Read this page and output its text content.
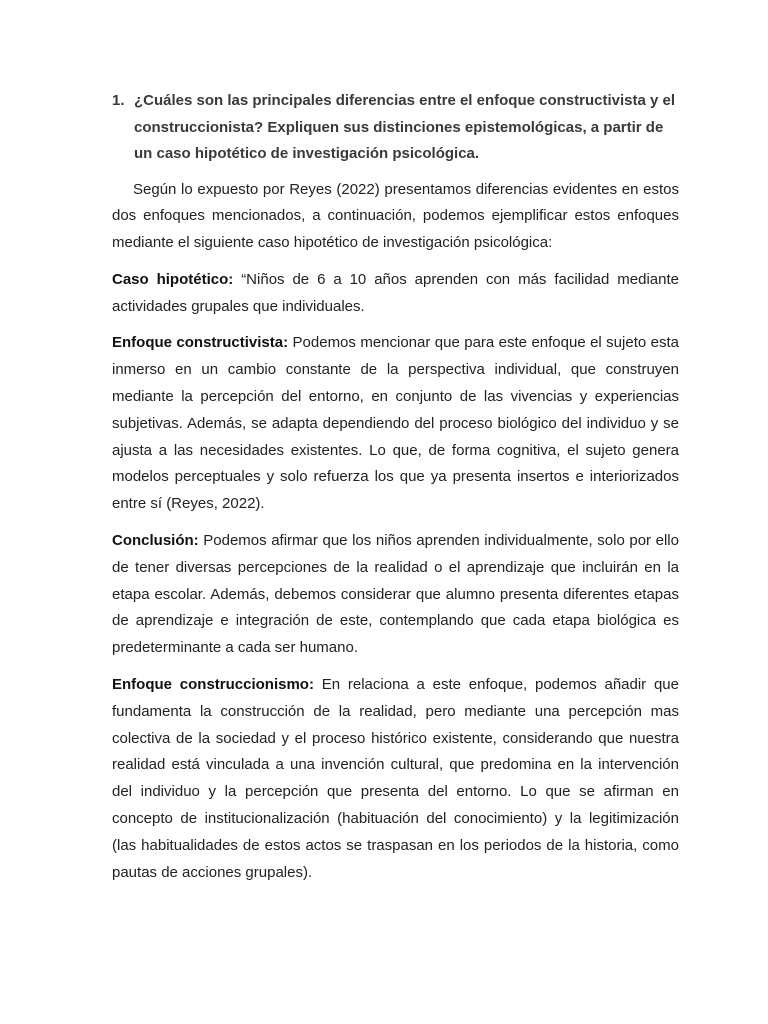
1. ¿Cuáles son las principales diferencias entre el enfoque constructivista y el construccionista? Expliquen sus distinciones epistemológicas, a partir de un caso hipotético de investigación psicológica.

Según lo expuesto por Reyes (2022) presentamos diferencias evidentes en estos dos enfoques mencionados, a continuación, podemos ejemplificar estos enfoques mediante el siguiente caso hipotético de investigación psicológica:

Caso hipotético: “Niños de 6 a 10 años aprenden con más facilidad mediante actividades grupales que individuales.

Enfoque constructivista: Podemos mencionar que para este enfoque el sujeto esta inmerso en un cambio constante de la perspectiva individual, que construyen mediante la percepción del entorno, en conjunto de las vivencias y experiencias subjetivas. Además, se adapta dependiendo del proceso biológico del individuo y se ajusta a las necesidades existentes. Lo que, de forma cognitiva, el sujeto genera modelos perceptuales y solo refuerza los que ya presenta insertos e interiorizados entre sí (Reyes, 2022).

Conclusión: Podemos afirmar que los niños aprenden individualmente, solo por ello de tener diversas percepciones de la realidad o el aprendizaje que incluirán en la etapa escolar. Además, debemos considerar que alumno presenta diferentes etapas de aprendizaje e integración de este, contemplando que cada etapa biológica es predeterminante a cada ser humano.

Enfoque construccionismo: En relaciona a este enfoque, podemos añadir que fundamenta la construcción de la realidad, pero mediante una percepción mas colectiva de la sociedad y el proceso histórico existente, considerando que nuestra realidad está vinculada a una invención cultural, que predomina en la intervención del individuo y la percepción que presenta del entorno. Lo que se afirman en concepto de institucionalización (habituación del conocimiento) y la legitimización (las habitualidades de estos actos se traspasan en los periodos de la historia, como pautas de acciones grupales).
